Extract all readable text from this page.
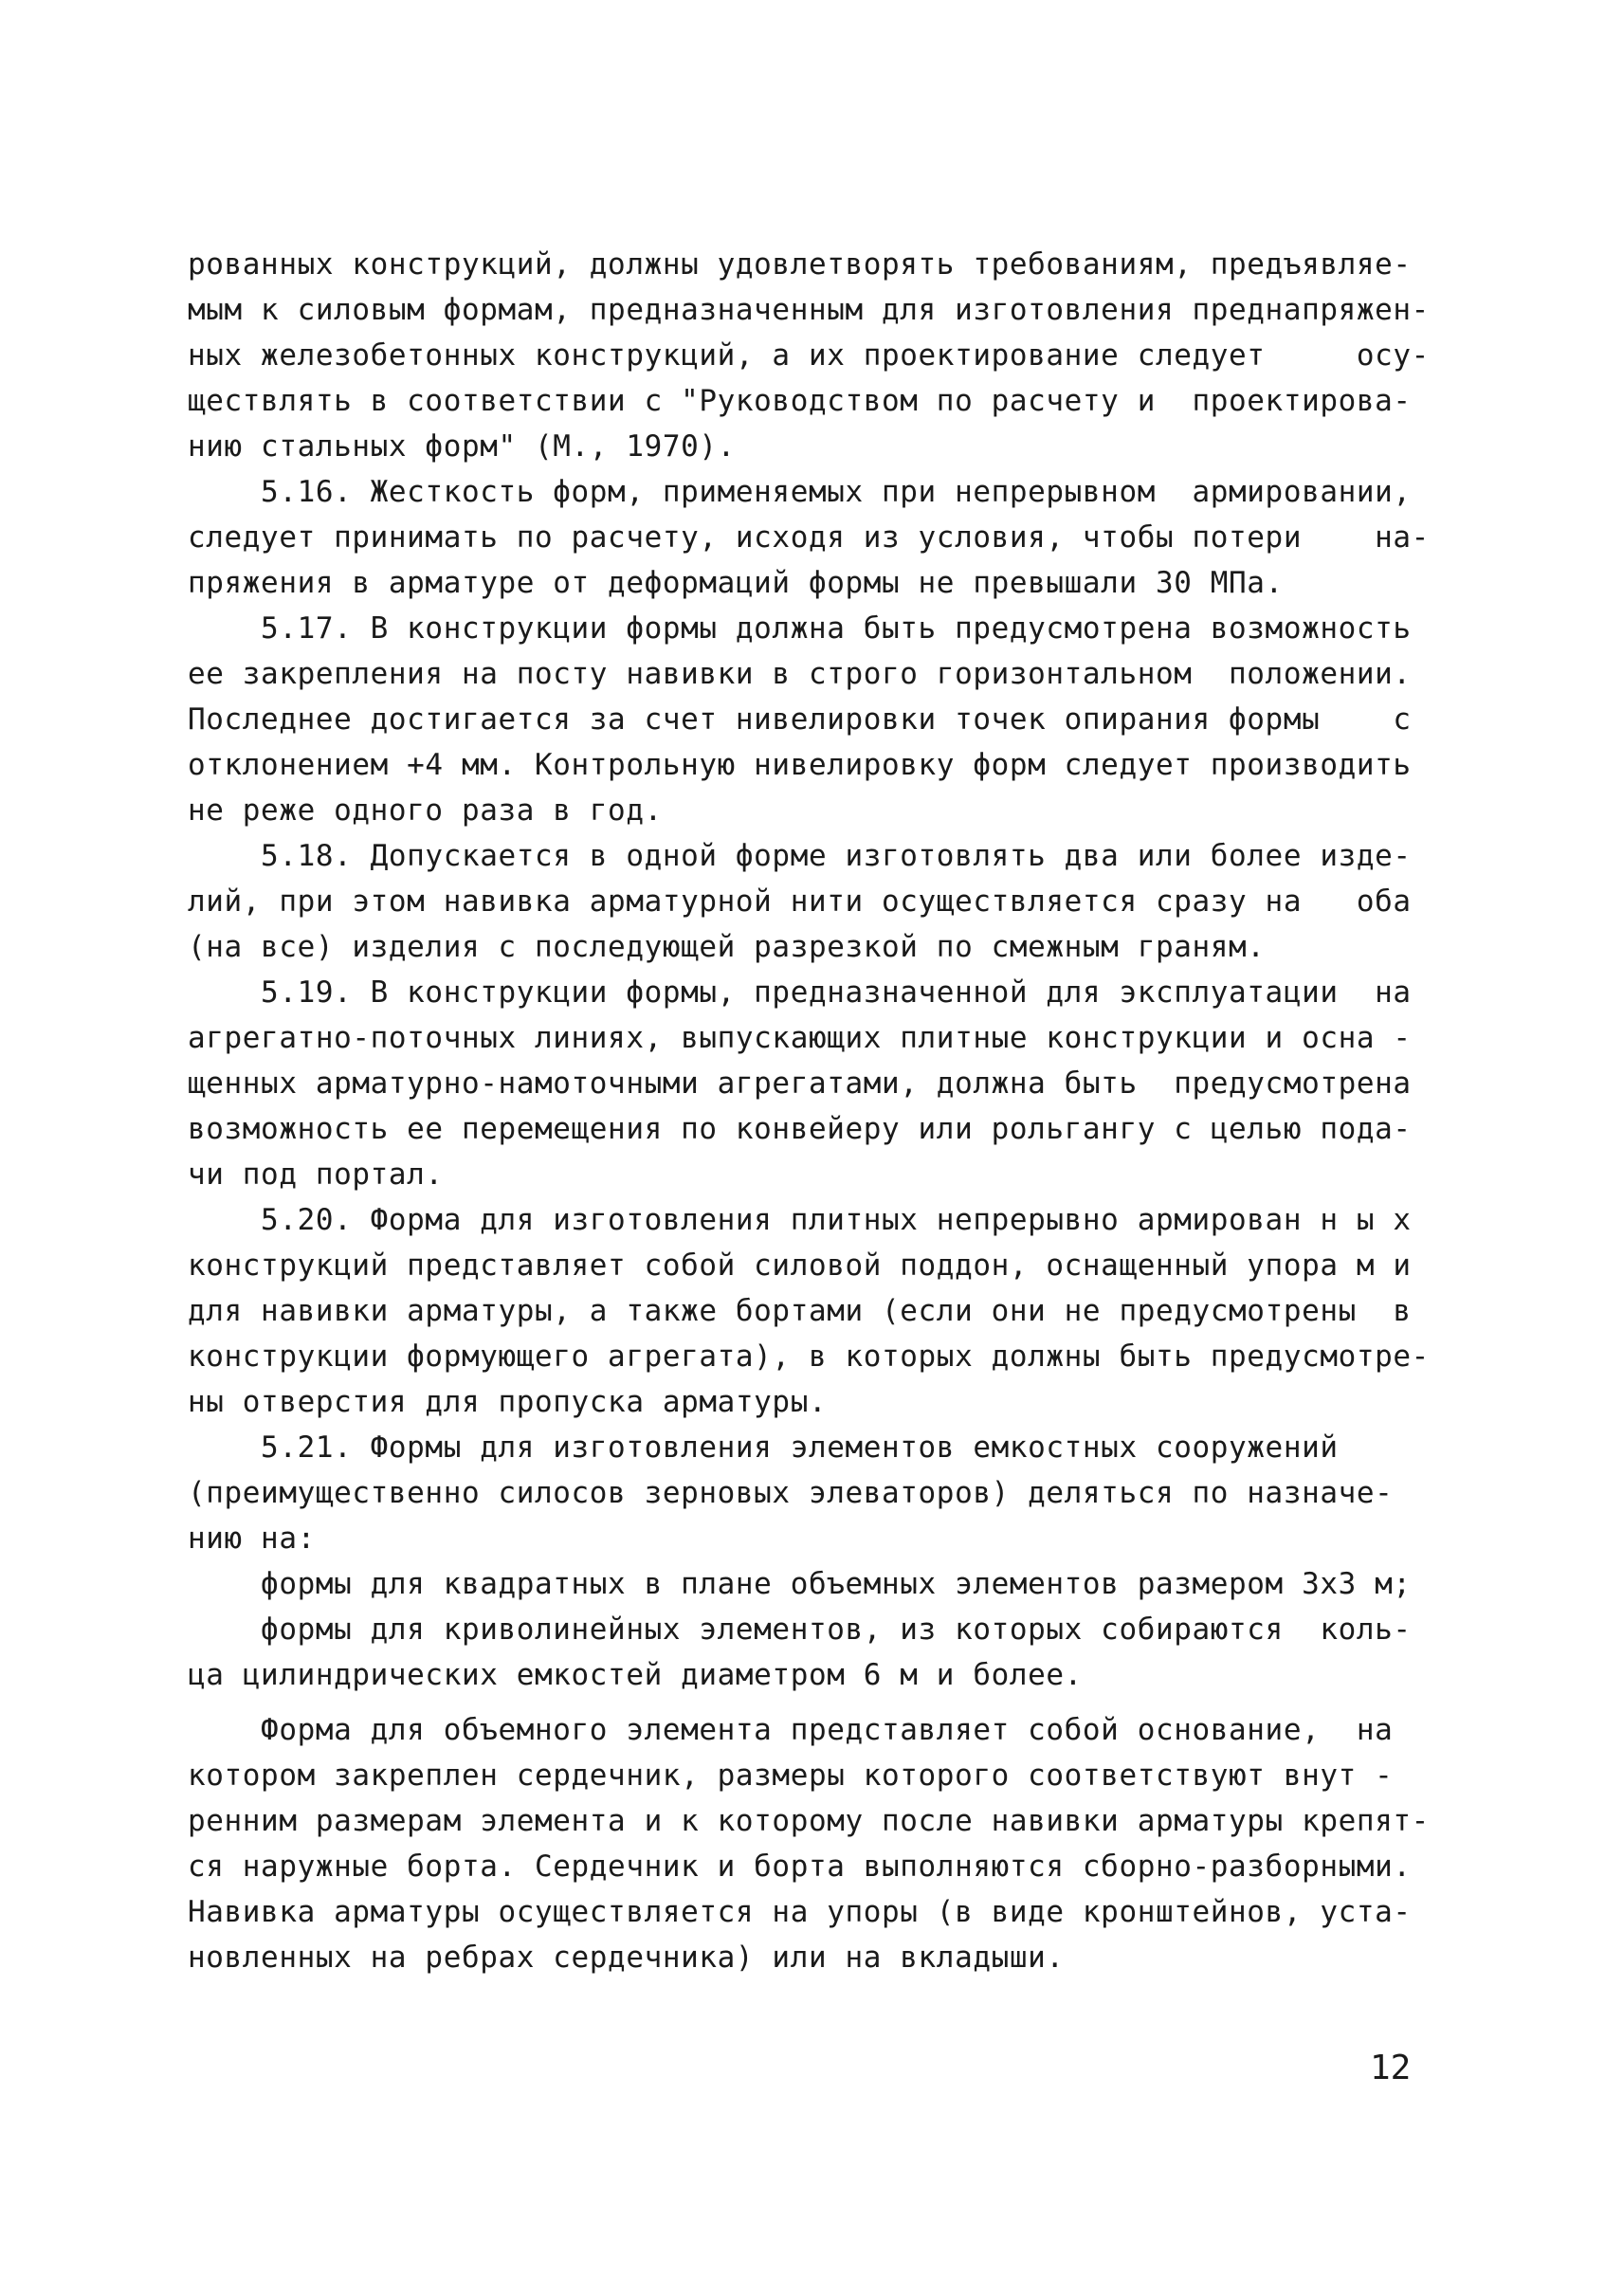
рованных конструкций, должны удовлетворять требованиям, предъявляе-
мым к силовым формам, предназначенным для изготовления преднапряжен-
ных железобетонных конструкций, а их проектирование следует     осу-
ществлять в соответствии с "Руководством по расчету и  проектирова-
нию стальных форм" (М., 1970).
5.16. Жесткость форм, применяемых при непрерывном  армировании,
следует принимать по расчету, исходя из условия, чтобы потери    на-
пряжения в арматуре от деформаций формы не превышали 30 МПа.
5.17. В конструкции формы должна быть предусмотрена возможность
ее закрепления на посту навивки в строго горизонтальном  положении.
Последнее достигается за счет нивелировки точек опирания формы    с
отклонением +4 мм. Контрольную нивелировку форм следует производить
не реже одного раза в год.
5.18. Допускается в одной форме изготовлять два или более изде-
лий, при этом навивка арматурной нити осуществляется сразу на   оба
(на все) изделия с последующей разрезкой по смежным граням.
5.19. В конструкции формы, предназначенной для эксплуатации  на
агрегатно-поточных линиях, выпускающих плитные конструкции и осна -
щенных арматурно-намоточными агрегатами, должна быть  предусмотрена
возможность ее перемещения по конвейеру или рольгангу с целью пода-
чи под портал.
5.20. Форма для изготовления плитных непрерывно армирован н ы х
конструкций представляет собой силовой поддон, оснащенный упора м и
для навивки арматуры, а также бортами (если они не предусмотрены  в
конструкции формующего агрегата), в которых должны быть предусмотре-
ны отверстия для пропуска арматуры.
5.21. Формы для изготовления элементов емкостных сооружений
(преимущественно силосов зерновых элеваторов) деляться по назначе-
нию на:
формы для квадратных в плане объемных элементов размером 3х3 м;
формы для криволинейных элементов, из которых собираются  коль-
ца цилиндрических емкостей диаметром 6 м и более.
Форма для объемного элемента представляет собой основание,  на
котором закреплен сердечник, размеры которого соответствуют внут -
ренним размерам элемента и к которому после навивки арматуры крепят-
ся наружные борта. Сердечник и борта выполняются сборно-разборными.
Навивка арматуры осуществляется на упоры (в виде кронштейнов, уста-
новленных на ребрах сердечника) или на вкладыши.
12
